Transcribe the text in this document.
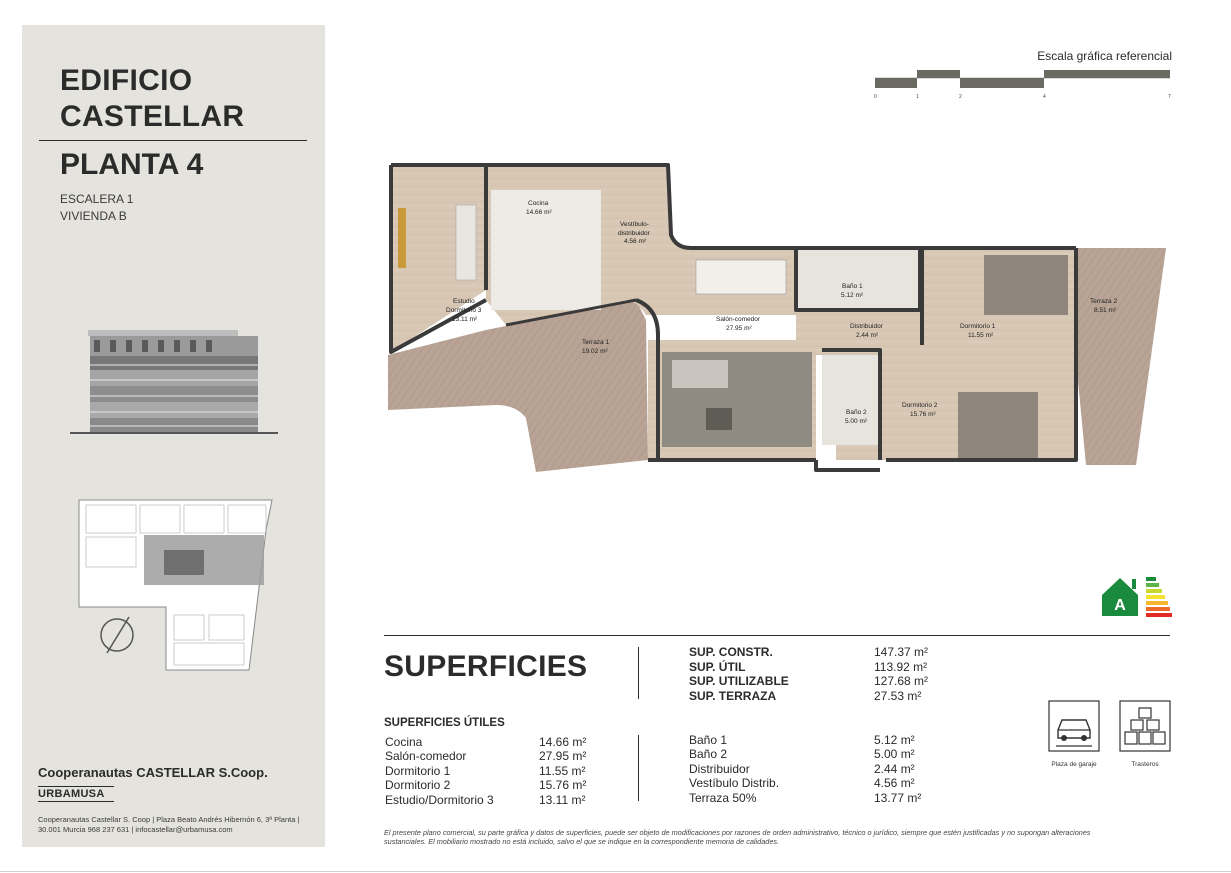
EDIFICIO
CASTELLAR
PLANTA 4
ESCALERA 1
VIVIENDA B
Cooperanautas CASTELLAR S.Coop.
URBAMUSA
Cooperanautas Castellar S. Coop | Plaza Beato Andrés Hibernón 6, 3ª Planta |
30.001 Murcia 968 237 631 | infocastellar@urbamusa.com
Escala gráfica referencial
0	1	2	4	7
Cocina
14.66 m²
Vestíbulo-
distribuidor
4.56 m²
Estudio
Dormitorio 3
13.11 m²
Terraza 1
19.02 m²
Salón-comedor
27.95 m²
Baño 1
5.12 m²
Distribuidor
2.44 m²
Dormitorio 1
11.55 m²
Terraza 2
8.51 m²
Baño 2
5.00 m²
Dormitorio 2
15.76 m²
A
SUPERFICIES	SUP. CONSTR.	147.37 m²
SUP. ÚTIL	113.92 m²
SUP. UTILIZABLE	127.68 m²
SUP. TERRAZA	27.53 m²
SUPERFICIES ÚTILES
Cocina	14.66 m²
Salón-comedor	27.95 m²
Dormitorio 1	11.55 m²
Dormitorio 2	15.76 m²
Estudio/Dormitorio 3	13.11 m²
Baño 1	5.12 m²
Baño 2	5.00 m²
Distribuidor	2.44 m²
Vestíbulo Distrib.	4.56 m²
Terraza 50%	13.77 m²
Plaza de garaje	Trasteros
El presente plano comercial, su parte gráfica y datos de superficies, puede ser objeto de modificaciones por razones de orden administrativo, técnico o jurídico, siempre que estén justificadas y no supongan alteraciones
sustanciales. El mobiliario mostrado no está incluido, salvo el que se indique en la correspondiente memoria de calidades.
